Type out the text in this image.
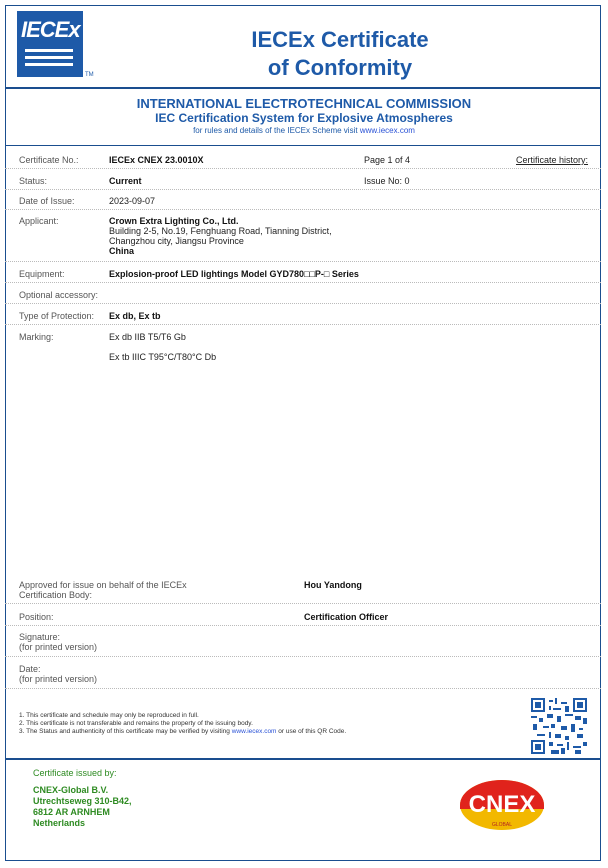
IECEx
TM
IECEx Certificate
of Conformity
INTERNATIONAL ELECTROTECHNICAL COMMISSION
IEC Certification System for Explosive Atmospheres
for rules and details of the IECEx Scheme visit www.iecex.com
Certificate No.:	IECEx CNEX 23.0010X	Page 1 of 4	Certificate history:
Status:	Current	Issue No: 0
Date of Issue:	2023-09-07
Applicant:	Crown Extra Lighting Co., Ltd.
Building 2-5, No.19, Fenghuang Road, Tianning District,
Changzhou city, Jiangsu Province
China
Equipment:	Explosion-proof LED lightings Model GYD780□□P-□ Series
Optional accessory:
Type of Protection: Ex db, Ex tb
Marking:	Ex db IIB T5/T6 Gb
Ex tb IIIC T95°C/T80°C Db
Approved for issue on behalf of the IECEx
Certification Body:
Hou Yandong
Position:	Certification Officer
Signature:
(for printed version)
Date:
(for printed version)
1. This certificate and schedule may only be reproduced in full.
2. This certificate is not transferable and remains the property of the issuing body.
3. The Status and authenticity of this certificate may be verified by visiting www.iecex.com or use of this QR Code.
Certificate issued by:
CNEX-Global B.V.
Utrechtseweg 310-B42,
6812 AR ARNHEM
Netherlands
CNEX
GLOBAL
